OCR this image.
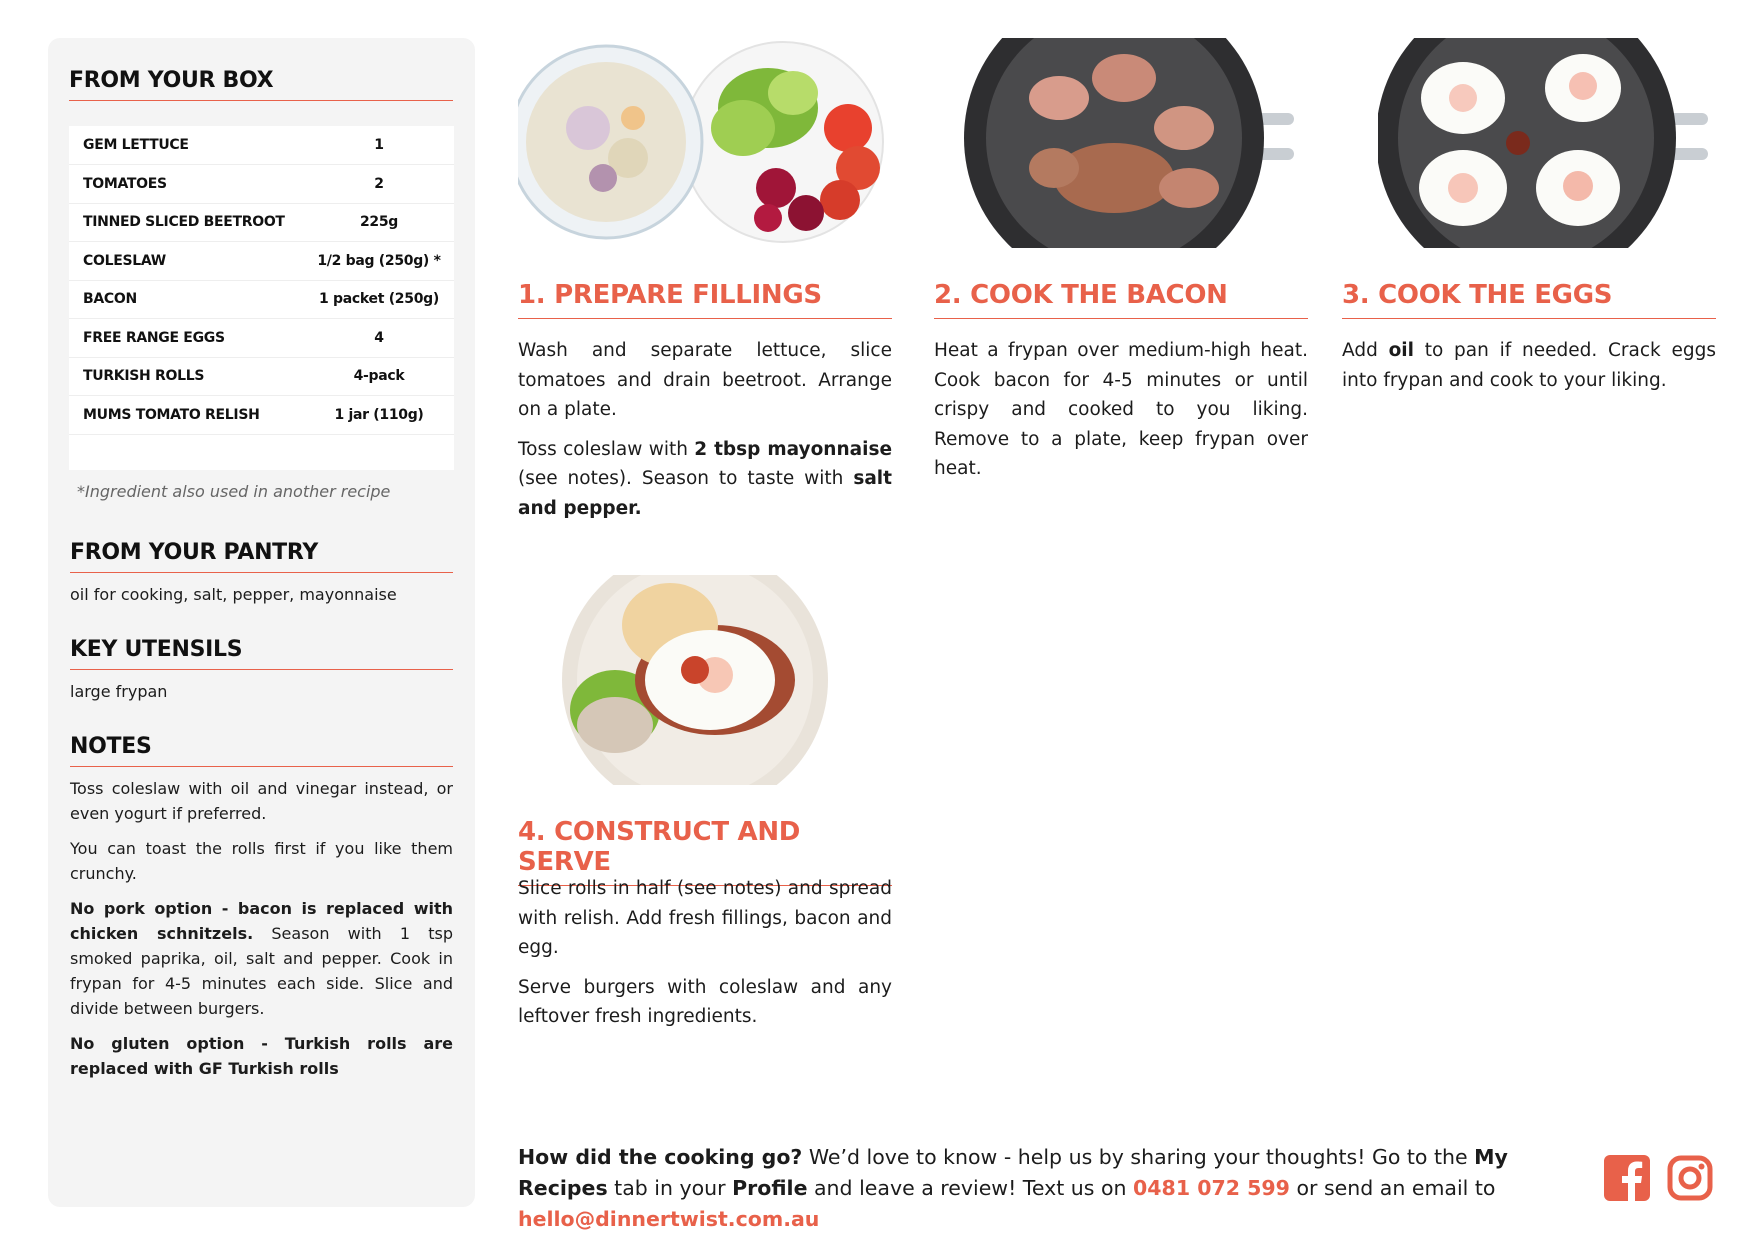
FROM YOUR BOX
GEM LETTUCE	1
TOMATOES	2
TINNED SLICED BEETROOT	225g
COLESLAW	1/2 bag (250g) *
BACON	1 packet (250g)
FREE RANGE EGGS	4
TURKISH ROLLS	4-pack
MUMS TOMATO RELISH	1 jar (110g)

*Ingredient also used in another recipe
FROM YOUR PANTRY
oil for cooking, salt, pepper, mayonnaise
KEY UTENSILS
large frypan
NOTES

Toss coleslaw with oil and vinegar instead, or even yogurt if preferred.

You can toast the rolls first if you like them crunchy.

No pork option - bacon is replaced with chicken schnitzels. Season with 1 tsp smoked paprika, oil, salt and pepper. Cook in frypan for 4-5 minutes each side. Slice and divide between burgers.

No gluten option - Turkish rolls are replaced with GF Turkish rolls

1. PREPARE FILLINGS

Wash and separate lettuce, slice tomatoes and drain beetroot. Arrange on a plate.

Toss coleslaw with 2 tbsp mayonnaise (see notes). Season to taste with salt and pepper.

2. COOK THE BACON

Heat a frypan over medium-high heat. Cook bacon for 4-5 minutes or until crispy and cooked to you liking. Remove to a plate, keep frypan over heat.

3. COOK THE EGGS

Add oil to pan if needed. Crack eggs into frypan and cook to your liking.

4. CONSTRUCT AND SERVE

Slice rolls in half (see notes) and spread with relish. Add fresh fillings, bacon and egg.

Serve burgers with coleslaw and any leftover fresh ingredients.

How did the cooking go? We’d love to know - help us by sharing your thoughts! Go to the My Recipes tab in your Profile and leave a review! Text us on 0481 072 599 or send an email to hello@dinnertwist.com.au
